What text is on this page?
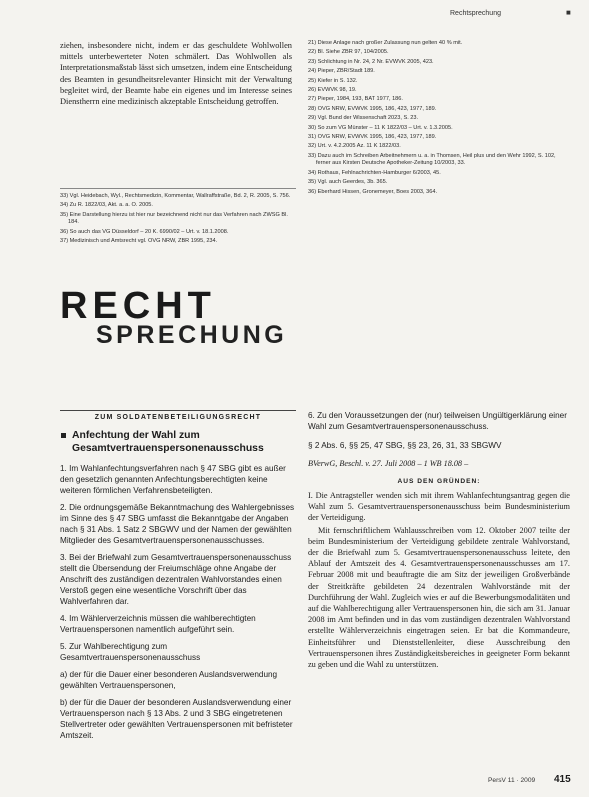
Rechtsprechung	■

ziehen, insbesondere nicht, indem er das geschuldete Wohlwollen mittels unterbewerteter Noten schmälert. Das Wohlwollen als Interpretationsmaßstab lässt sich umsetzen, indem eine Entscheidung des Beamten in gesundheitsrelevanter Hinsicht mit der Verwaltung begleitet wird, der Beamte habe ein eigenes und im Interesse seines Dienstherrn eine medizinisch akzeptable Entscheidung getroffen.

33) Vgl. Heidebach, Wyl., Rechtsmedizin, Kommentar, Wallraffstraße, Bd. 2, R. 2005, S. 756.

34) Zu R. 1822/03, Akt. a. a. O. 2005.

35) Eine Darstellung hierzu ist hier nur bezeichnend nicht nur das Verfahren nach ZWSG Bl. 184.

36) So auch das VG Düsseldorf – 20 K. 6990/02 – Urt. v. 18.1.2008.

37) Medizinisch und Amtsrecht vgl. OVG NRW, ZBR 1995, 234.

21) Diese Anlage nach großer Zulassung nun gelten 40 % mit.

22) Bl. Siehe ZBR 97, 104/2005.

23) Schlichtung in Nr. 24, 2 Nr. EVWVK 2005, 423.

24) Pieper, ZBR/Stadt 189.

25) Kiefer in S. 132.

26) EVWVK 98, 19.

27) Pieper, 1984, 193, BAT 1977, 186.

28) OVG NRW, EVWVK 1995, 186, 423, 1977, 189.

29) Vgl. Bund der Wissenschaft 2023, S. 23.

30) So zum VG Münster – 11 K 1822/03 – Urt. v. 1.3.2005.

31) OVG NRW, EVWVK 1995, 186, 423, 1977, 189.

32) Urt. v. 4.2.2005 Az. 11 K 1822/03.

33) Dazu auch im Schreiben Arbeitnehmern u. a. in Thomsen, Heil plus und den Wehr 1992, S. 102, ferner aus Kirsten Deutsche Apotheker-Zeitung 10/2003, 33.

34) Rothaus, Fehlnachrichten-Hamburger 6/2003, 45.

35) Vgl. auch Geerdes, 3b. 365.

36) Eberhard Hissen, Gronemeyer, Boes 2003, 364.

RECHT
SPRECHUNG
ZUM SOLDATENBETEILIGUNGSRECHT
Anfechtung der Wahl zum Gesamtvertrauenspersonenausschuss

1. Im Wahlanfechtungsverfahren nach § 47 SBG gibt es außer den gesetzlich genannten Anfechtungsberechtigten keine weiteren förmlichen Verfahrensbeteiligten.

2. Die ordnungsgemäße Bekanntmachung des Wahlergebnisses im Sinne des § 47 SBG umfasst die Bekanntgabe der Angaben nach § 31 Abs. 1 Satz 2 SBGWV und der Namen der gewählten Mitglieder des Gesamtvertrauenspersonenausschusses.

3. Bei der Briefwahl zum Gesamtvertrauenspersonenausschuss stellt die Übersendung der Freiumschläge ohne Angabe der Anschrift des zuständigen dezentralen Wahlvorstandes einen Verstoß gegen eine wesentliche Vorschrift über das Wahlverfahren dar.

4. Im Wählerverzeichnis müssen die wahlberechtigten Vertrauenspersonen namentlich aufgeführt sein.

5. Zur Wahlberechtigung zum Gesamtvertrauenspersonenausschuss

a) der für die Dauer einer besonderen Auslandsverwendung gewählten Vertrauenspersonen,

b) der für die Dauer der besonderen Auslandsverwendung einer Vertrauensperson nach § 13 Abs. 2 und 3 SBG eingetretenen Stellvertreter oder gewählten Vertrauenspersonen mit befristeter Amtszeit.

6. Zu den Voraussetzungen der (nur) teilweisen Ungültigerklärung einer Wahl zum Gesamtvertrauenspersonenausschuss.

§ 2 Abs. 6, §§ 25, 47 SBG, §§ 23, 26, 31, 33 SBGWV

BVerwG, Beschl. v. 27. Juli 2008 – 1 WB 18.08 –

AUS DEN GRÜNDEN:

I. Die Antragsteller wenden sich mit ihrem Wahlanfechtungsantrag gegen die Wahl zum 5. Gesamtvertrauenspersonenausschuss beim Bundesministerium der Verteidigung.

Mit fernschriftlichem Wahlausschreiben vom 12. Oktober 2007 teilte der beim Bundesministerium der Verteidigung gebildete zentrale Wahlvorstand, der die Briefwahl zum 5. Gesamtvertrauenspersonenausschuss leitete, den Ablauf der Amtszeit des 4. Gesamtvertrauenspersonenausschusses am 17. Februar 2008 mit und beauftragte die am Sitz der jeweiligen Großverbände der Streitkräfte gebildeten 24 dezentralen Wahlvorstände mit der Durchführung der Wahl. Zugleich wies er auf die Bewerbungsmodalitäten und auf die Wahlberechtigung aller Vertrauenspersonen hin, die sich am 31. Januar 2008 im Amt befinden und in das vom zuständigen dezentralen Wahlvorstand erstellte Wählerverzeichnis eingetragen seien. Er bat die Kommandeure, Einheitsführer und Dienststellenleiter, diese Ausschreibung den Vertrauenspersonen ihres Zuständigkeitsbereiches in geeigneter Form bekannt zu geben und die Wahl zu unterstützen.

PersV 11 · 2009 415
